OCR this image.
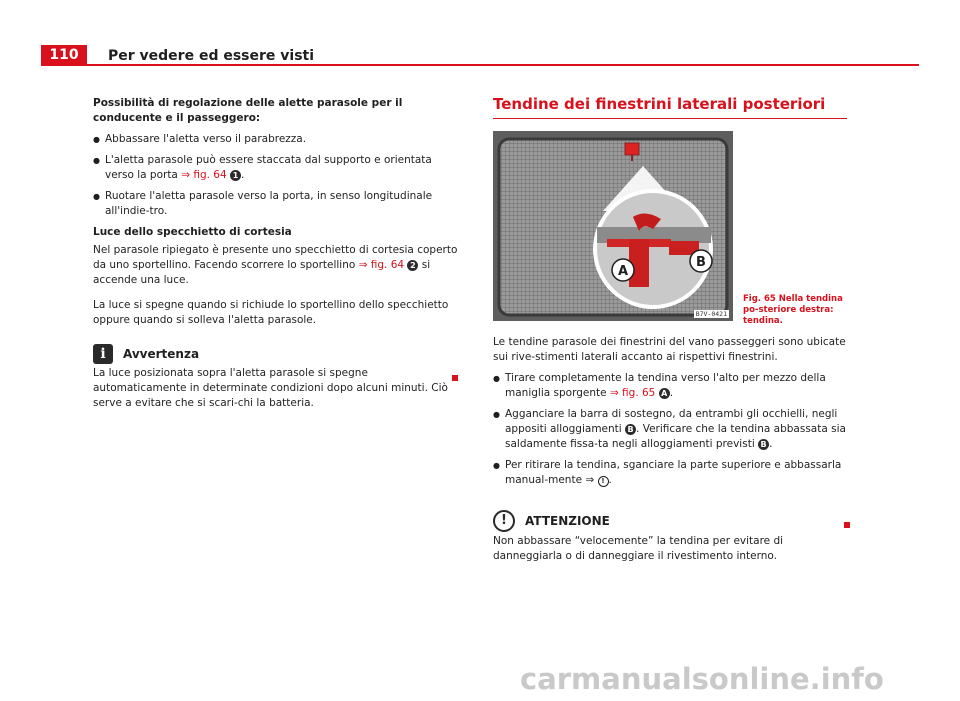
110	Per vedere ed essere visti

Possibilità di regolazione delle alette parasole per il conducente e il passeggero:

● Abbassare l'aletta verso il parabrezza.

● L'aletta parasole può essere staccata dal supporto e orientata verso la porta ⇒ fig. 64 1 .

● Ruotare l'aletta parasole verso la porta, in senso longitudinale all'indie-tro.

Luce dello specchietto di cortesia

Nel parasole ripiegato è presente uno specchietto di cortesia coperto da uno sportellino. Facendo scorrere lo sportellino ⇒ fig. 64 2 si accende una luce.

La luce si spegne quando si richiude lo sportellino dello specchietto oppure quando si solleva l'aletta parasole.

i	Avvertenza

La luce posizionata sopra l'aletta parasole si spegne automaticamente in determinate condizioni dopo alcuni minuti. Ciò serve a evitare che si scari-chi la batteria.

Tendine dei finestrini laterali posteriori
A
B
B7V-0421
Fig. 65 Nella tendina po-steriore destra: tendina.

Le tendine parasole dei finestrini del vano passeggeri sono ubicate sui rive-stimenti laterali accanto ai rispettivi finestrini.

● Tirare completamente la tendina verso l'alto per mezzo della maniglia sporgente ⇒ fig. 65 A .

● Agganciare la barra di sostegno, da entrambi gli occhielli, negli appositi alloggiamenti B . Verificare che la tendina abbassata sia saldamente fissa-ta negli alloggiamenti previsti B .

● Per ritirare la tendina, sganciare la parte superiore e abbassarla manual-mente ⇒ ! .

!	ATTENZIONE

Non abbassare “velocemente” la tendina per evitare di danneggiarla o di danneggiare il rivestimento interno.

carmanualsonline.info
